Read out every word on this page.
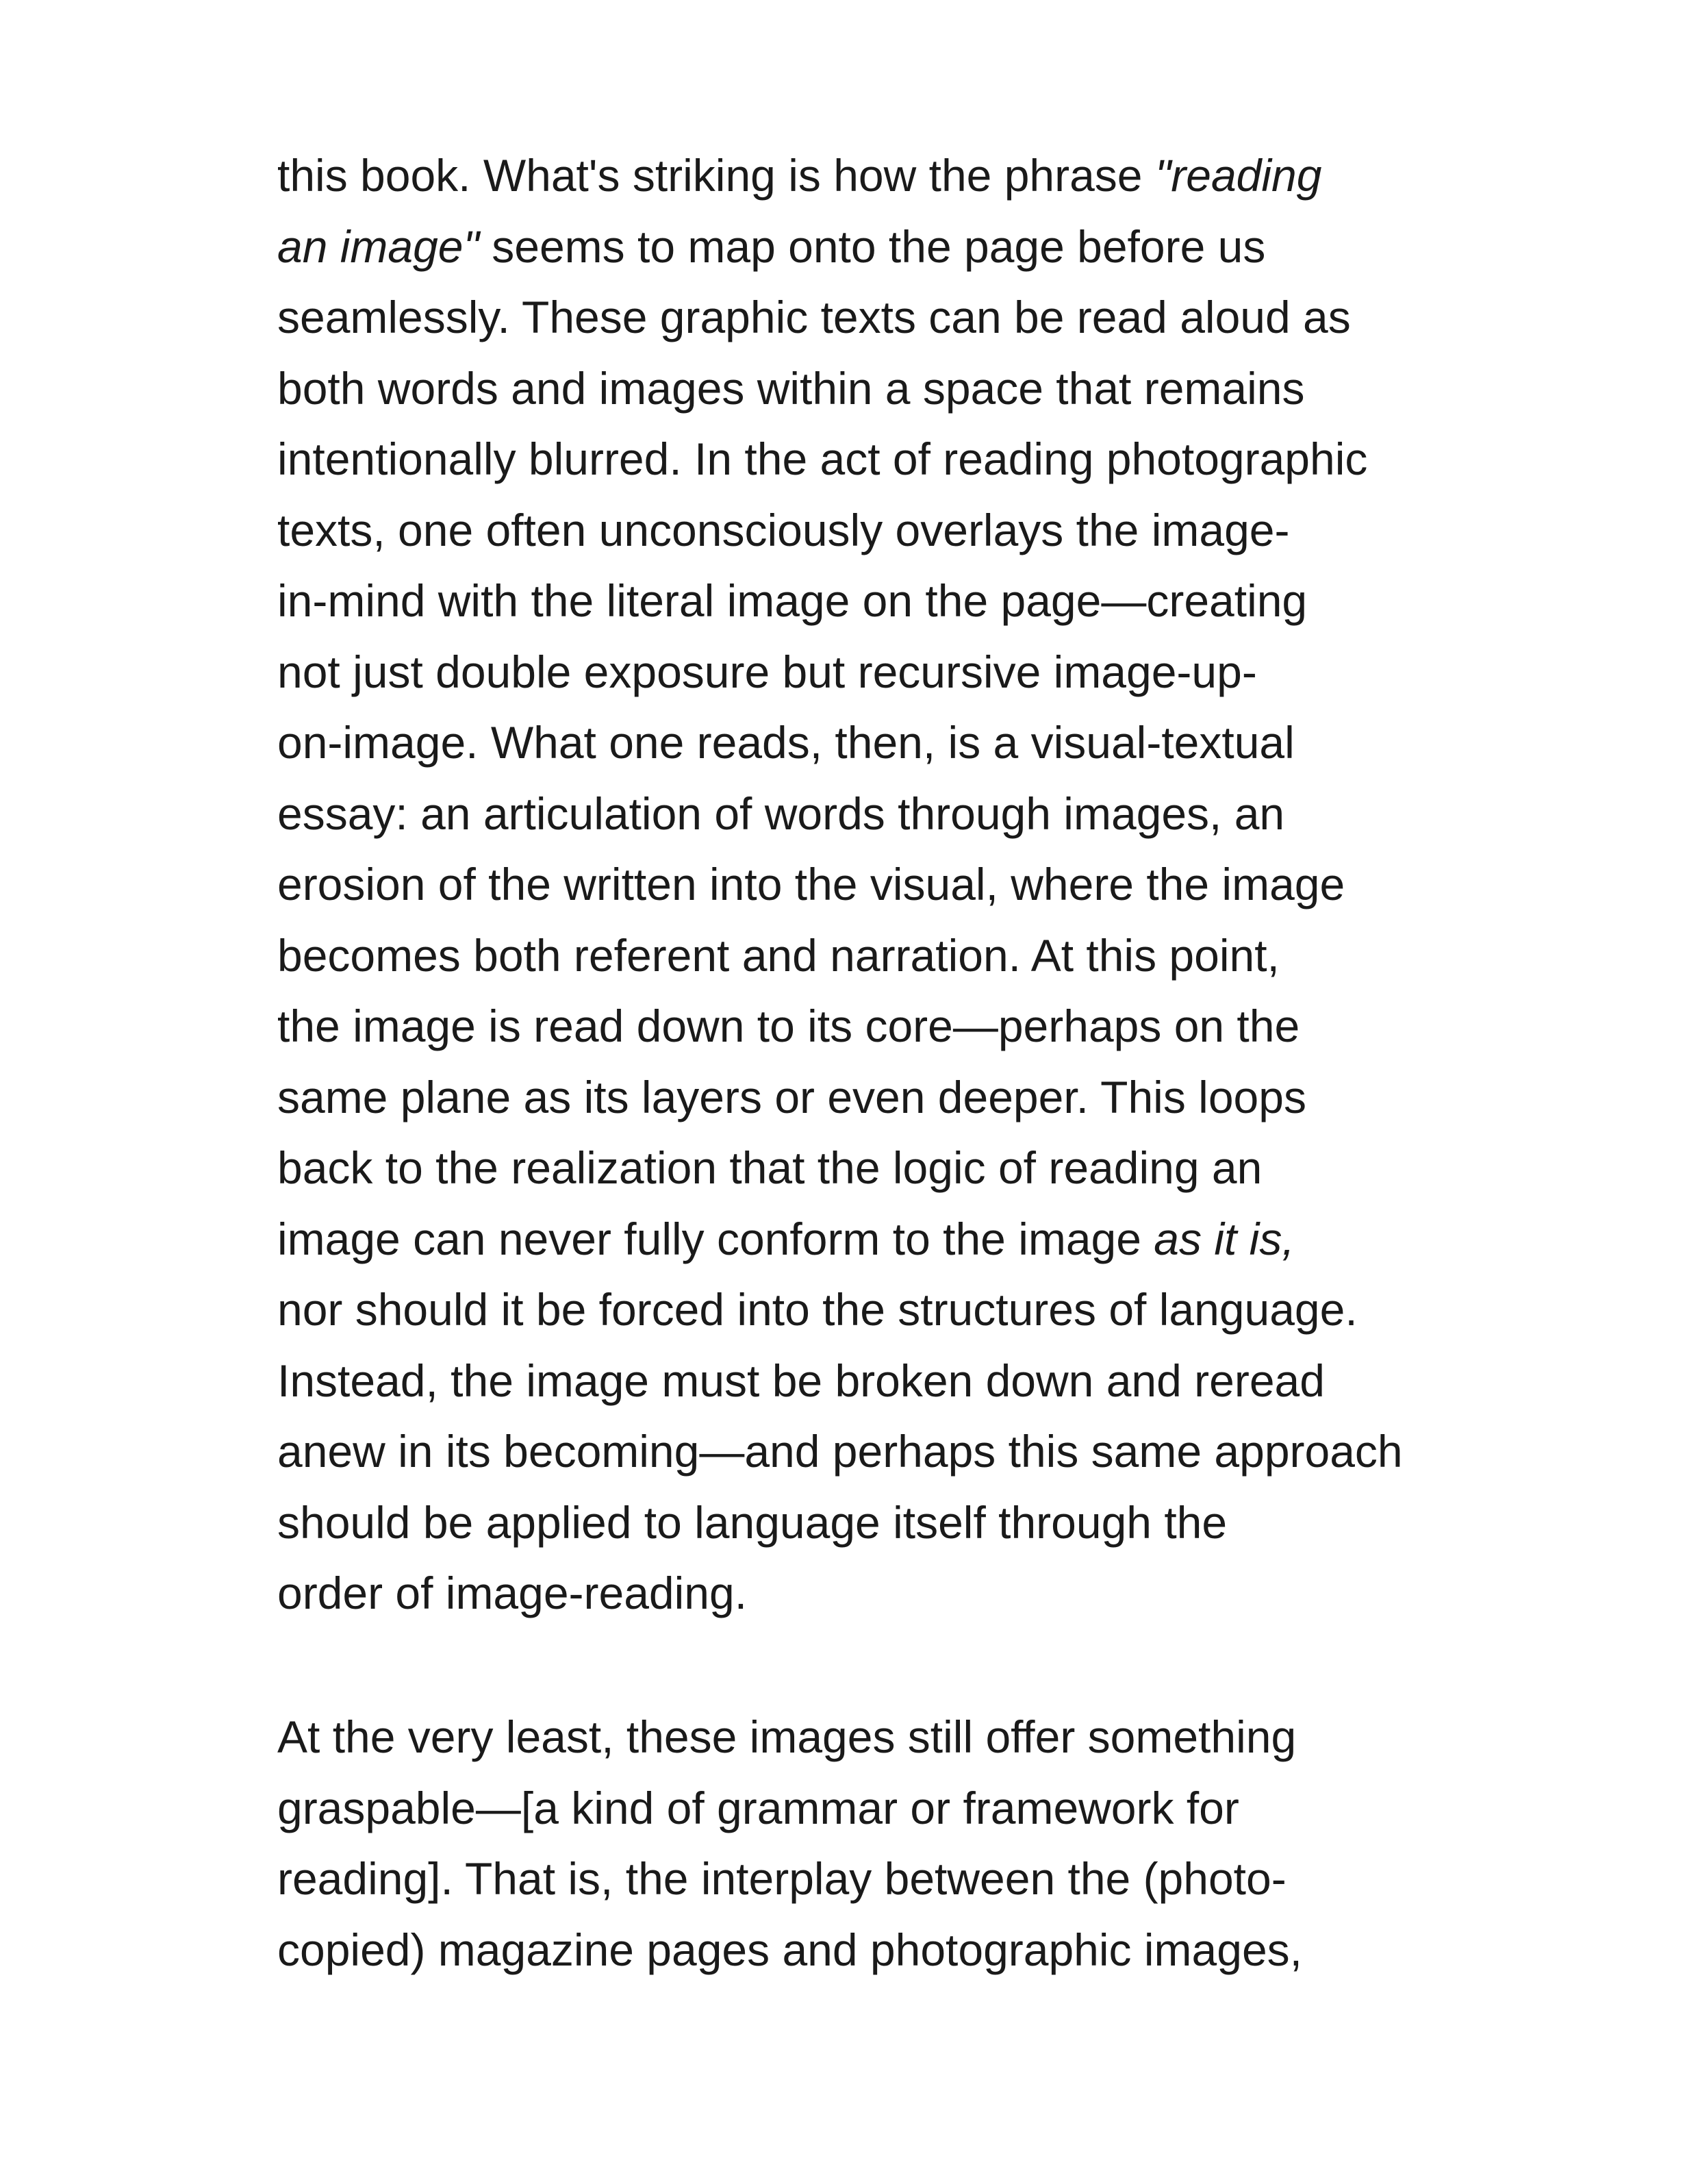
this book. What's striking is how the phrase "reading
an image" seems to map onto the page before us
seamlessly. These graphic texts can be read aloud as
both words and images within a space that remains
intentionally blurred. In the act of reading photographic
texts, one often unconsciously overlays the image-
in-mind with the literal image on the page—creating
not just double exposure but recursive image-up-
on-image. What one reads, then, is a visual-textual
essay: an articulation of words through images, an
erosion of the written into the visual, where the image
becomes both referent and narration. At this point,
the image is read down to its core—perhaps on the
same plane as its layers or even deeper. This loops
back to the realization that the logic of reading an
image can never fully conform to the image as it is,
nor should it be forced into the structures of language.
Instead, the image must be broken down and reread
anew in its becoming—and perhaps this same approach
should be applied to language itself through the
order of image-reading.
At the very least, these images still offer something
graspable—[a kind of grammar or framework for
reading]. That is, the interplay between the (photo-
copied) magazine pages and photographic images,
